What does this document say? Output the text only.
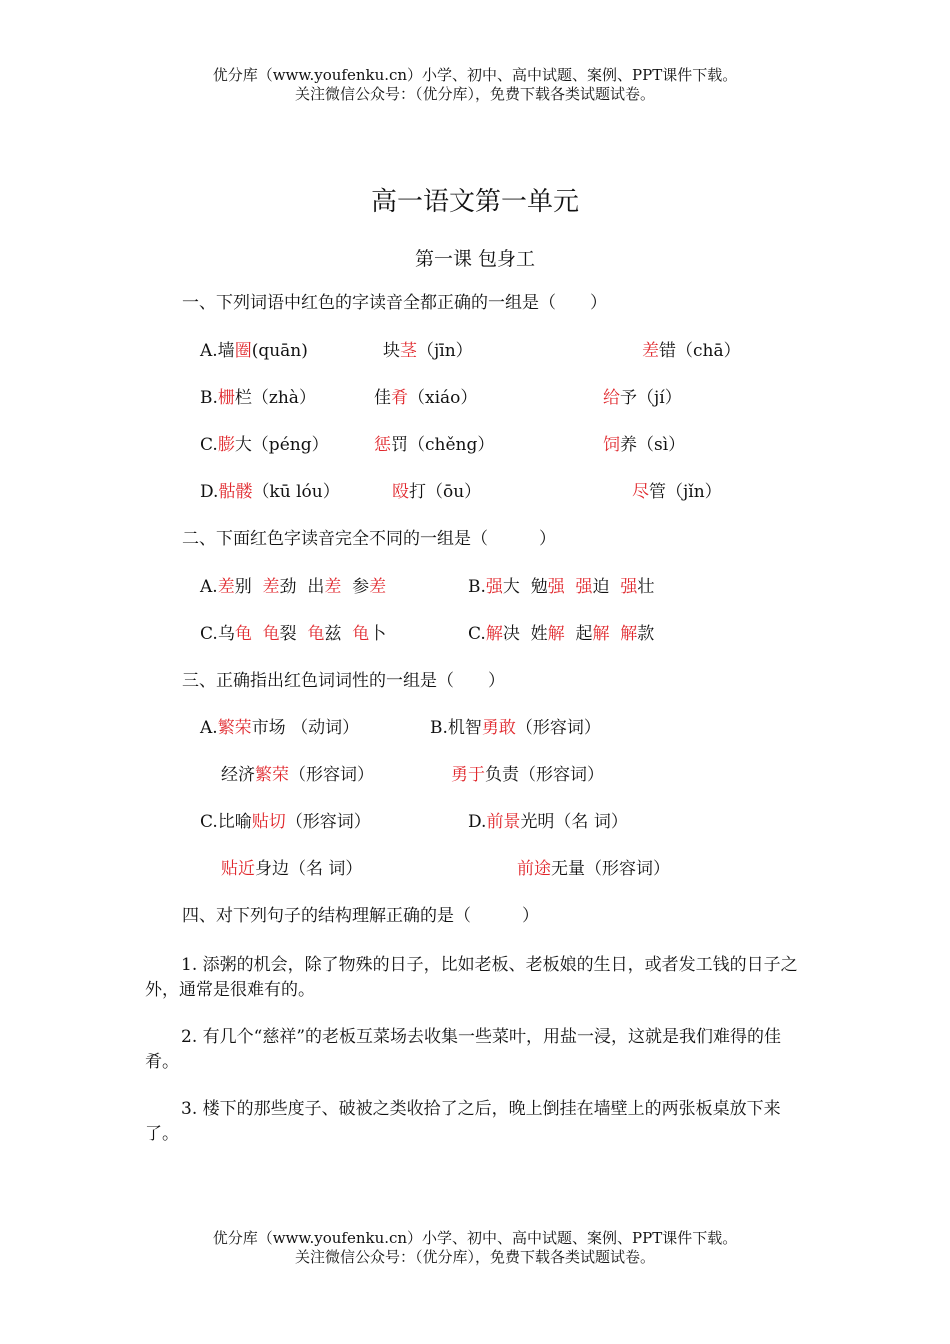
优分库（www.youfenku.cn）小学、初中、高中试题、案例、PPT课件下载。
关注微信公众号：（优分库），免费下载各类试题试卷。
高一语文第一单元
第一课 包身工
一、下列词语中红色的字读音全都正确的一组是（　　）
A.墙圈(quān)	块茎（jīn）	差错（chā）
B.栅栏（zhà）	佳肴（xiáo）	给予（jí）
C.膨大（péng）	惩罚（chěng）	饲养（sì）
D.骷髅（kū lóu）	殴打（ōu）	尽管（jǐn）
二、下面红色字读音完全不同的一组是（　　　）
A.差别 差劲 出差 参差	B.强大 勉强 强迫 强壮
C.乌龟 龟裂 龟兹 龟卜	C.解决 姓解 起解 解款
三、正确指出红色词词性的一组是（　　）
A.繁荣市场 （动词）	B.机智勇敢（形容词）
经济繁荣（形容词）	勇于负责（形容词）
C.比喻贴切（形容词）	D.前景光明（名 词）
贴近身边（名 词）	前途无量（形容词）
四、对下列句子的结构理解正确的是（　　　）
1. 添粥的机会，除了物殊的日子，比如老板、老板娘的生日，或者发工钱的日子之外，通常是很难有的。
2. 有几个“慈祥”的老板互菜场去收集一些菜叶，用盐一浸，这就是我们难得的佳 肴。
3. 楼下的那些度子、破被之类收拾了之后，晚上倒挂在墙壁上的两张板桌放下来了。
优分库（www.youfenku.cn）小学、初中、高中试题、案例、PPT课件下载。
关注微信公众号：（优分库），免费下载各类试题试卷。
